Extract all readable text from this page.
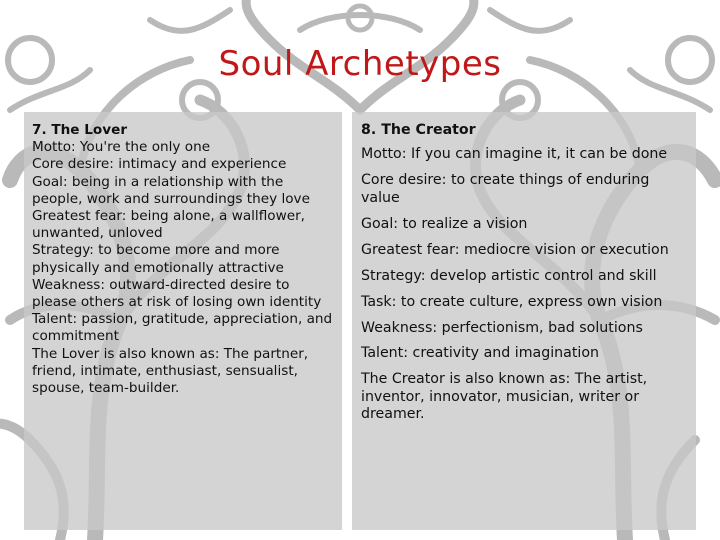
Soul Archetypes

7. The Lover

Motto: You're the only one

Core desire: intimacy and experience

Goal: being in a relationship with the people, work and surroundings they love

Greatest fear: being alone, a wallflower, unwanted, unloved

Strategy: to become more and more physically and emotionally attractive

Weakness: outward-directed desire to please others at risk of losing own identity

Talent: passion, gratitude, appreciation, and commitment

The Lover is also known as: The partner, friend, intimate, enthusiast, sensualist, spouse, team-builder.

8. The Creator

Motto: If you can imagine it, it can be done

Core desire: to create things of enduring value

Goal: to realize a vision

Greatest fear: mediocre vision or execution

Strategy: develop artistic control and skill

Task: to create culture, express own vision

Weakness: perfectionism, bad solutions

Talent: creativity and imagination

The Creator is also known as: The artist, inventor, innovator, musician, writer or dreamer.
